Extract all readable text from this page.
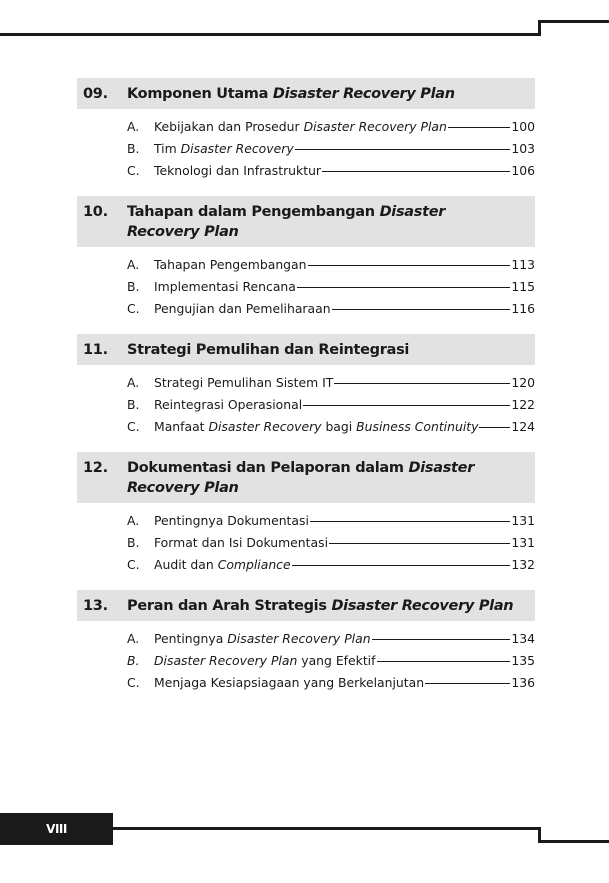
09.	Komponen Utama Disaster Recovery Plan
A.	Kebijakan dan Prosedur Disaster Recovery Plan	100
B.	Tim Disaster Recovery	103
C.	Teknologi dan Infrastruktur	106
10.	Tahapan dalam Pengembangan Disaster
Recovery Plan
A.	Tahapan Pengembangan	113
B.	Implementasi Rencana	115
C.	Pengujian dan Pemeliharaan	116
11.	Strategi Pemulihan dan Reintegrasi
A.	Strategi Pemulihan Sistem IT	120
B.	Reintegrasi Operasional	122
C.	Manfaat Disaster Recovery bagi Business Continuity	124
12.	Dokumentasi dan Pelaporan dalam Disaster
Recovery Plan
A.	Pentingnya Dokumentasi	131
B.	Format dan Isi Dokumentasi	131
C.	Audit dan Compliance	132
13.	Peran dan Arah Strategis Disaster Recovery Plan
A.	Pentingnya Disaster Recovery Plan	134
B.	Disaster Recovery Plan yang Efektif	135
C.	Menjaga Kesiapsiagaan yang Berkelanjutan	136
VIII
